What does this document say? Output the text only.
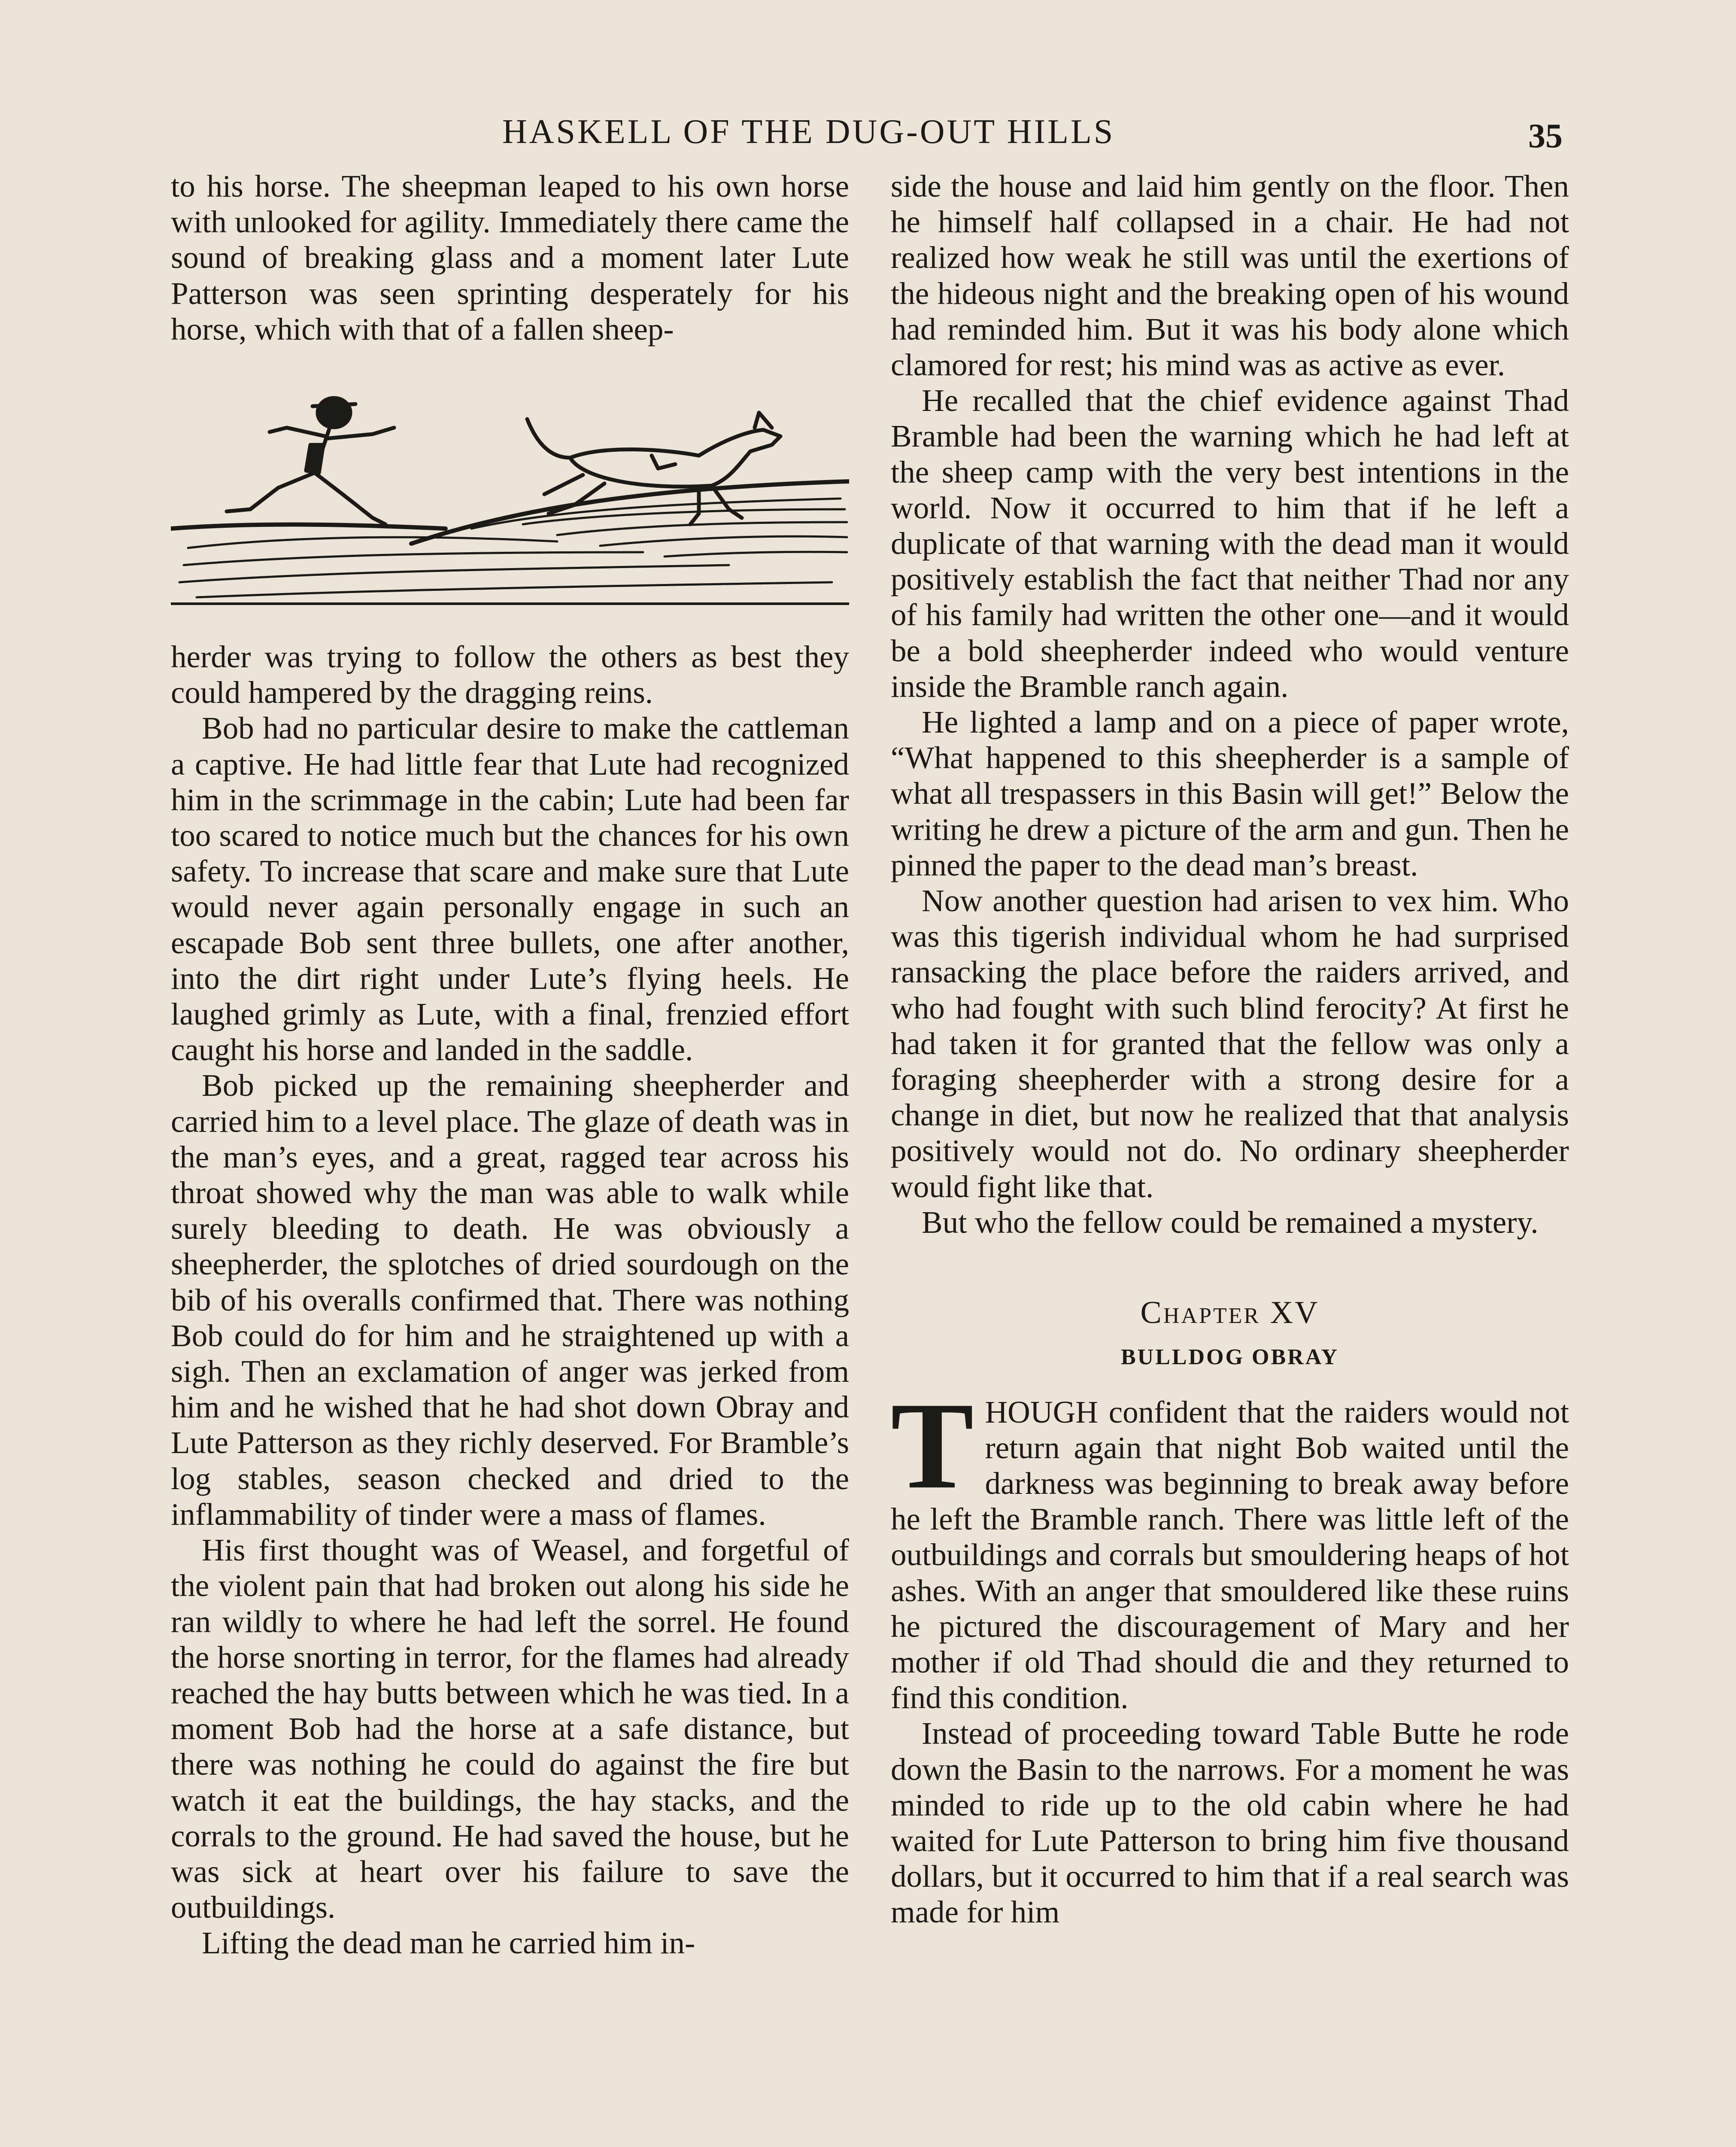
HASKELL OF THE DUG-OUT HILLS	35

to his horse. The sheepman leaped to his own horse with unlooked for agility. Immediately there came the sound of breaking glass and a moment later Lute Patterson was seen sprinting desperately for his horse, which with that of a fallen sheep-

herder was trying to follow the others as best they could hampered by the dragging reins.

Bob had no particular desire to make the cattleman a captive. He had little fear that Lute had recognized him in the scrimmage in the cabin; Lute had been far too scared to notice much but the chances for his own safety. To increase that scare and make sure that Lute would never again personally engage in such an escapade Bob sent three bullets, one after another, into the dirt right under Lute’s flying heels. He laughed grimly as Lute, with a final, frenzied effort caught his horse and landed in the saddle.

Bob picked up the remaining sheepherder and carried him to a level place. The glaze of death was in the man’s eyes, and a great, ragged tear across his throat showed why the man was able to walk while surely bleeding to death. He was obviously a sheepherder, the splotches of dried sourdough on the bib of his overalls confirmed that. There was nothing Bob could do for him and he straightened up with a sigh. Then an exclamation of anger was jerked from him and he wished that he had shot down Obray and Lute Patterson as they richly deserved. For Bramble’s log stables, season checked and dried to the inflammability of tinder were a mass of flames.

His first thought was of Weasel, and forgetful of the violent pain that had broken out along his side he ran wildly to where he had left the sorrel. He found the horse snorting in terror, for the flames had already reached the hay butts between which he was tied. In a moment Bob had the horse at a safe distance, but there was nothing he could do against the fire but watch it eat the buildings, the hay stacks, and the corrals to the ground. He had saved the house, but he was sick at heart over his failure to save the outbuildings.

Lifting the dead man he carried him in-

side the house and laid him gently on the floor. Then he himself half collapsed in a chair. He had not realized how weak he still was until the exertions of the hideous night and the breaking open of his wound had reminded him. But it was his body alone which clamored for rest; his mind was as active as ever.

He recalled that the chief evidence against Thad Bramble had been the warning which he had left at the sheep camp with the very best intentions in the world. Now it occurred to him that if he left a duplicate of that warning with the dead man it would positively establish the fact that neither Thad nor any of his family had written the other one—and it would be a bold sheepherder indeed who would venture inside the Bramble ranch again.

He lighted a lamp and on a piece of paper wrote, “What happened to this sheepherder is a sample of what all trespassers in this Basin will get!” Below the writing he drew a picture of the arm and gun. Then he pinned the paper to the dead man’s breast.

Now another question had arisen to vex him. Who was this tigerish individual whom he had surprised ransacking the place before the raiders arrived, and who had fought with such blind ferocity? At first he had taken it for granted that the fellow was only a foraging sheepherder with a strong desire for a change in diet, but now he realized that that analysis positively would not do. No ordinary sheepherder would fight like that.

But who the fellow could be remained a mystery.

Chapter XV
BULLDOG OBRAY

THOUGH confident that the raiders would not return again that night Bob waited until the darkness was beginning to break away before he left the Bramble ranch. There was little left of the outbuildings and corrals but smouldering heaps of hot ashes. With an anger that smouldered like these ruins he pictured the discouragement of Mary and her mother if old Thad should die and they returned to find this condition.

Instead of proceeding toward Table Butte he rode down the Basin to the narrows. For a moment he was minded to ride up to the old cabin where he had waited for Lute Patterson to bring him five thousand dollars, but it occurred to him that if a real search was made for him
